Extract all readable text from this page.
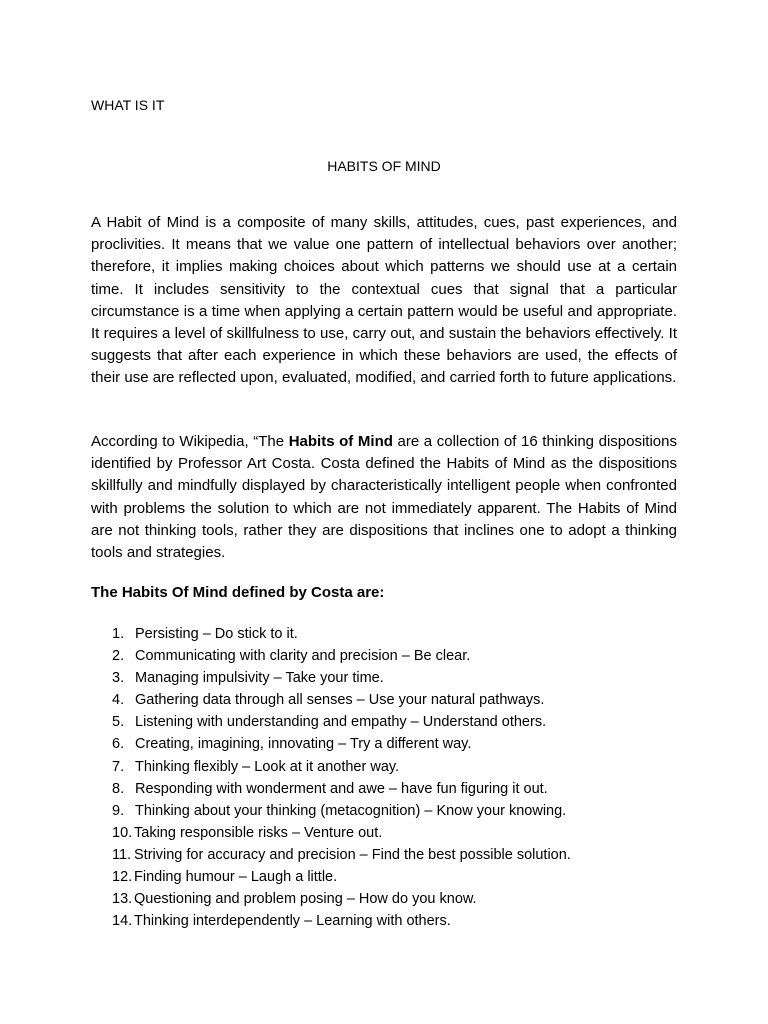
WHAT IS IT
HABITS OF MIND

A Habit of Mind is a composite of many skills, attitudes, cues, past experiences, and proclivities. It means that we value one pattern of intellectual behaviors over another; therefore, it implies making choices about which patterns we should use at a certain time. It includes sensitivity to the contextual cues that signal that a particular circumstance is a time when applying a certain pattern would be useful and appropriate. It requires a level of skillfulness to use, carry out, and sustain the behaviors effectively. It suggests that after each experience in which these behaviors are used, the effects of their use are reflected upon, evaluated, modified, and carried forth to future applications.

According to Wikipedia, “The Habits of Mind are a collection of 16 thinking dispositions identified by Professor Art Costa. Costa defined the Habits of Mind as the dispositions skillfully and mindfully displayed by characteristically intelligent people when confronted with problems the solution to which are not immediately apparent. The Habits of Mind are not thinking tools, rather they are dispositions that inclines one to adopt a thinking tools and strategies.

The Habits Of Mind defined by Costa are:

1. Persisting – Do stick to it.
2. Communicating with clarity and precision – Be clear.
3. Managing impulsivity – Take your time.
4. Gathering data through all senses – Use your natural pathways.
5. Listening with understanding and empathy – Understand others.
6. Creating, imagining, innovating – Try a different way.
7. Thinking flexibly – Look at it another way.
8. Responding with wonderment and awe – have fun figuring it out.
9. Thinking about your thinking (metacognition) – Know your knowing.
10. Taking responsible risks – Venture out.
11. Striving for accuracy and precision – Find the best possible solution.
12. Finding humour – Laugh a little.
13. Questioning and problem posing – How do you know.
14. Thinking interdependently – Learning with others.
